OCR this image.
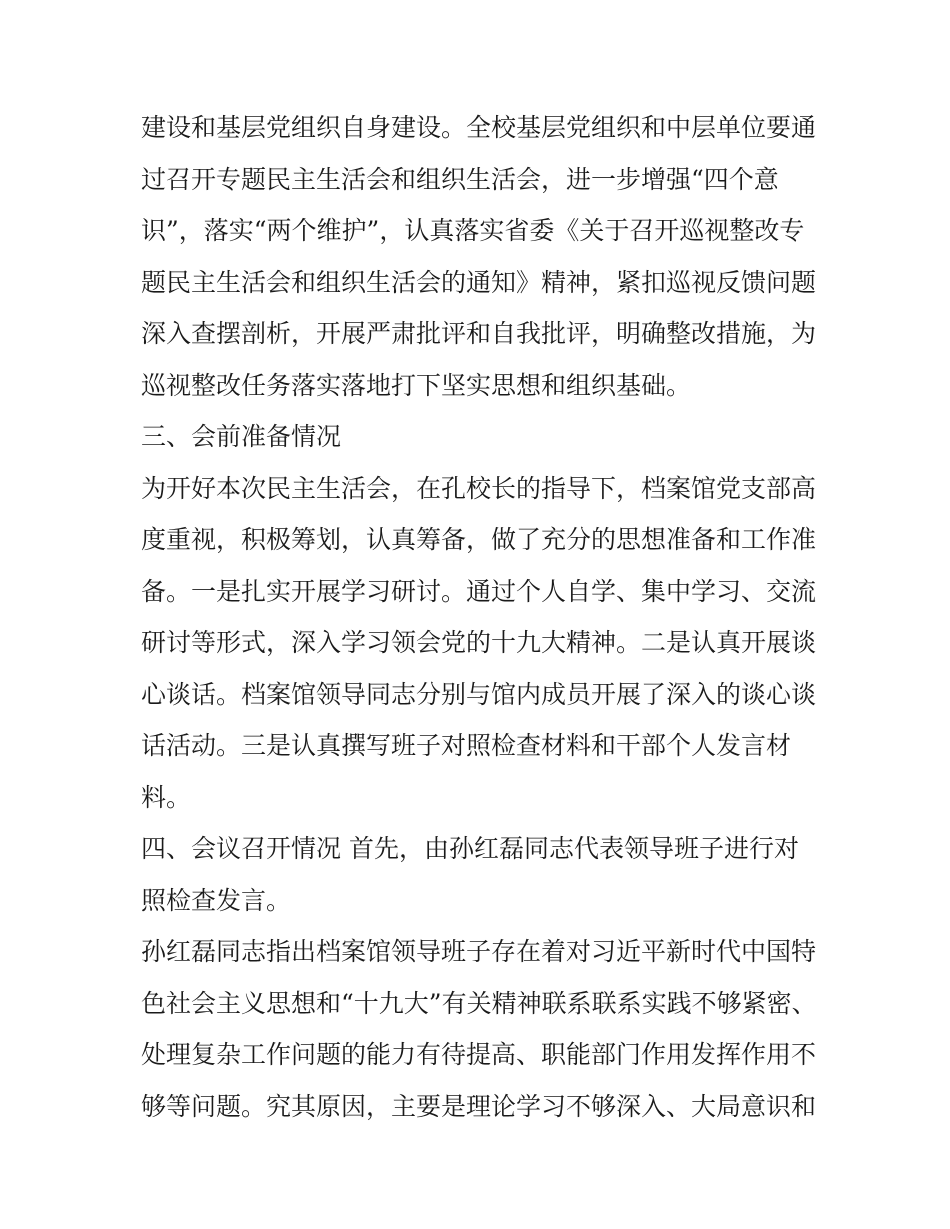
建设和基层党组织自身建设。全校基层党组织和中层单位要通
过召开专题民主生活会和组织生活会，进一步增强“四个意
识”，落实“两个维护”，认真落实省委《关于召开巡视整改专
题民主生活会和组织生活会的通知》精神，紧扣巡视反馈问题
深入查摆剖析，开展严肃批评和自我批评，明确整改措施，为
巡视整改任务落实落地打下坚实思想和组织基础。
三、会前准备情况
为开好本次民主生活会，在孔校长的指导下，档案馆党支部高
度重视，积极筹划，认真筹备，做了充分的思想准备和工作准
备。一是扎实开展学习研讨。通过个人自学、集中学习、交流
研讨等形式，深入学习领会党的十九大精神。二是认真开展谈
心谈话。档案馆领导同志分别与馆内成员开展了深入的谈心谈
话活动。三是认真撰写班子对照检查材料和干部个人发言材
料。
四、会议召开情况 首先，由孙红磊同志代表领导班子进行对
照检查发言。
孙红磊同志指出档案馆领导班子存在着对习近平新时代中国特
色社会主义思想和“十九大”有关精神联系联系实践不够紧密、
处理复杂工作问题的能力有待提高、职能部门作用发挥作用不
够等问题。究其原因，主要是理论学习不够深入、大局意识和
